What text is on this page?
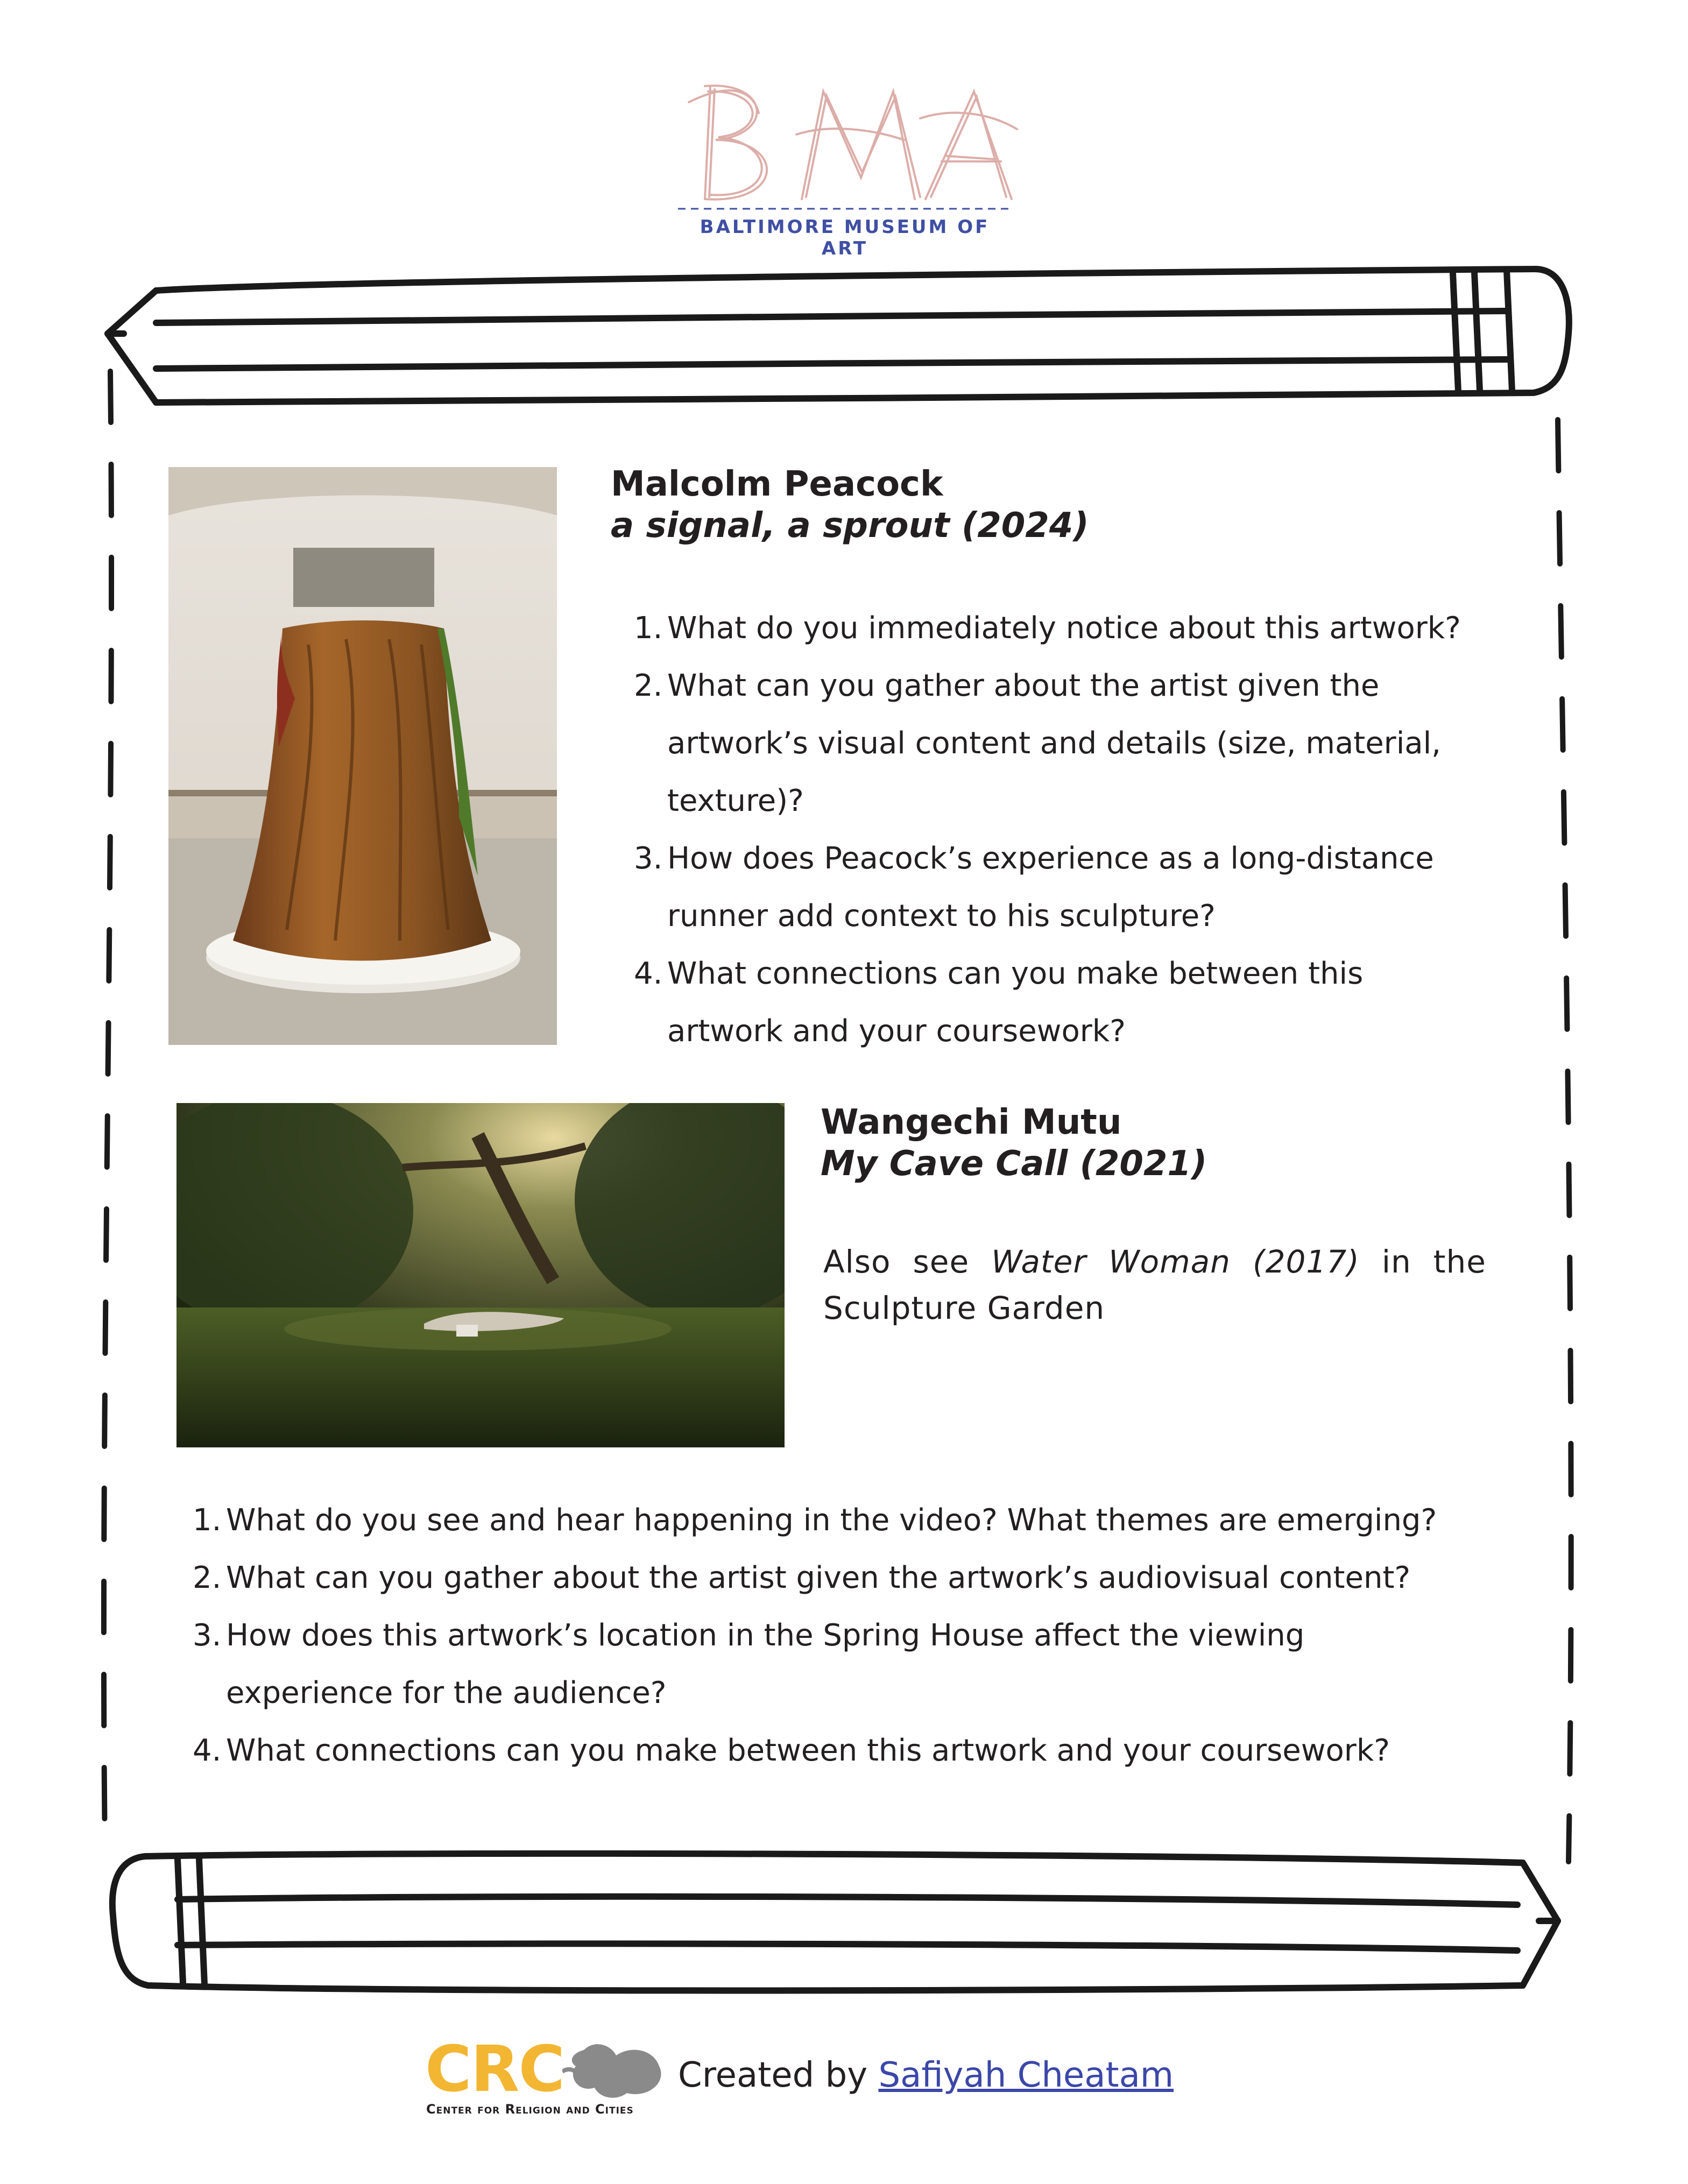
BALTIMORE MUSEUM OF ART
Malcolm Peacock
a signal, a sprout (2024)
1. What do you immediately notice about this artwork?
2. What can you gather about the artist given the
artwork’s visual content and details (size, material,
texture)?
3. How does Peacock’s experience as a long-distance
runner add context to his sculpture?
4. What connections can you make between this
artwork and your coursework?
Wangechi Mutu
My Cave Call (2021)
Also see Water Woman (2017) in the Sculpture Garden
1. What do you see and hear happening in the video? What themes are emerging?
2. What can you gather about the artist given the artwork’s audiovisual content?
3. How does this artwork’s location in the Spring House affect the viewing
experience for the audience?
4. What connections can you make between this artwork and your coursework?
CRC
Center for Religion and Cities
Created by Safiyah Cheatam
